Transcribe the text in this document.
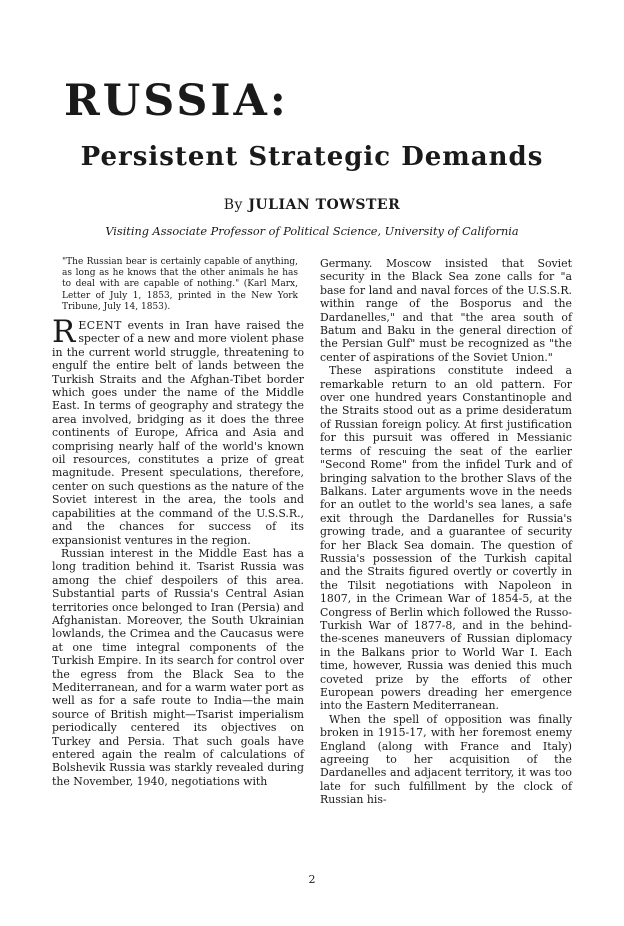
RUSSIA:
Persistent Strategic Demands
By JULIAN TOWSTER
Visiting Associate Professor of Political Science, University of California

"The Russian bear is certainly capable of anything, as long as he knows that the other animals he has to deal with are capable of nothing." (Karl Marx, Letter of July 1, 1853, printed in the New York Tribune, July 14, 1853).

RECENT events in Iran have raised the specter of a new and more violent phase in the current world struggle, threatening to engulf the entire belt of lands between the Turkish Straits and the Afghan-Tibet border which goes under the name of the Middle East. In terms of geography and strategy the area involved, bridging as it does the three continents of Europe, Africa and Asia and comprising nearly half of the world's known oil resources, constitutes a prize of great magnitude. Present speculations, therefore, center on such questions as the nature of the Soviet interest in the area, the tools and capabilities at the command of the U.S.S.R., and the chances for success of its expansionist ventures in the region.

Russian interest in the Middle East has a long tradition behind it. Tsarist Russia was among the chief despoilers of this area. Substantial parts of Russia's Central Asian territories once belonged to Iran (Persia) and Afghanistan. Moreover, the South Ukrainian lowlands, the Crimea and the Caucasus were at one time integral components of the Turkish Empire. In its search for control over the egress from the Black Sea to the Mediterranean, and for a warm water port as well as for a safe route to India—the main source of British might—Tsarist imperialism periodically centered its objectives on Turkey and Persia. That such goals have entered again the realm of calculations of Bolshevik Russia was starkly revealed during the November, 1940, negotiations with

Germany. Moscow insisted that Soviet security in the Black Sea zone calls for "a base for land and naval forces of the U.S.S.R. within range of the Bosporus and the Dardanelles," and that "the area south of Batum and Baku in the general direction of the Persian Gulf" must be recognized as "the center of aspirations of the Soviet Union."

These aspirations constitute indeed a remarkable return to an old pattern. For over one hundred years Constantinople and the Straits stood out as a prime desideratum of Russian foreign policy. At first justification for this pursuit was offered in Messianic terms of rescuing the seat of the earlier "Second Rome" from the infidel Turk and of bringing salvation to the brother Slavs of the Balkans. Later arguments wove in the needs for an outlet to the world's sea lanes, a safe exit through the Dardanelles for Russia's growing trade, and a guarantee of security for her Black Sea domain. The question of Russia's possession of the Turkish capital and the Straits figured overtly or covertly in the Tilsit negotiations with Napoleon in 1807, in the Crimean War of 1854-5, at the Congress of Berlin which followed the Russo-Turkish War of 1877-8, and in the behind-the-scenes maneuvers of Russian diplomacy in the Balkans prior to World War I. Each time, however, Russia was denied this much coveted prize by the efforts of other European powers dreading her emergence into the Eastern Mediterranean.

When the spell of opposition was finally broken in 1915-17, with her foremost enemy England (along with France and Italy) agreeing to her acquisition of the Dardanelles and adjacent territory, it was too late for such fulfillment by the clock of Russian his-

2
